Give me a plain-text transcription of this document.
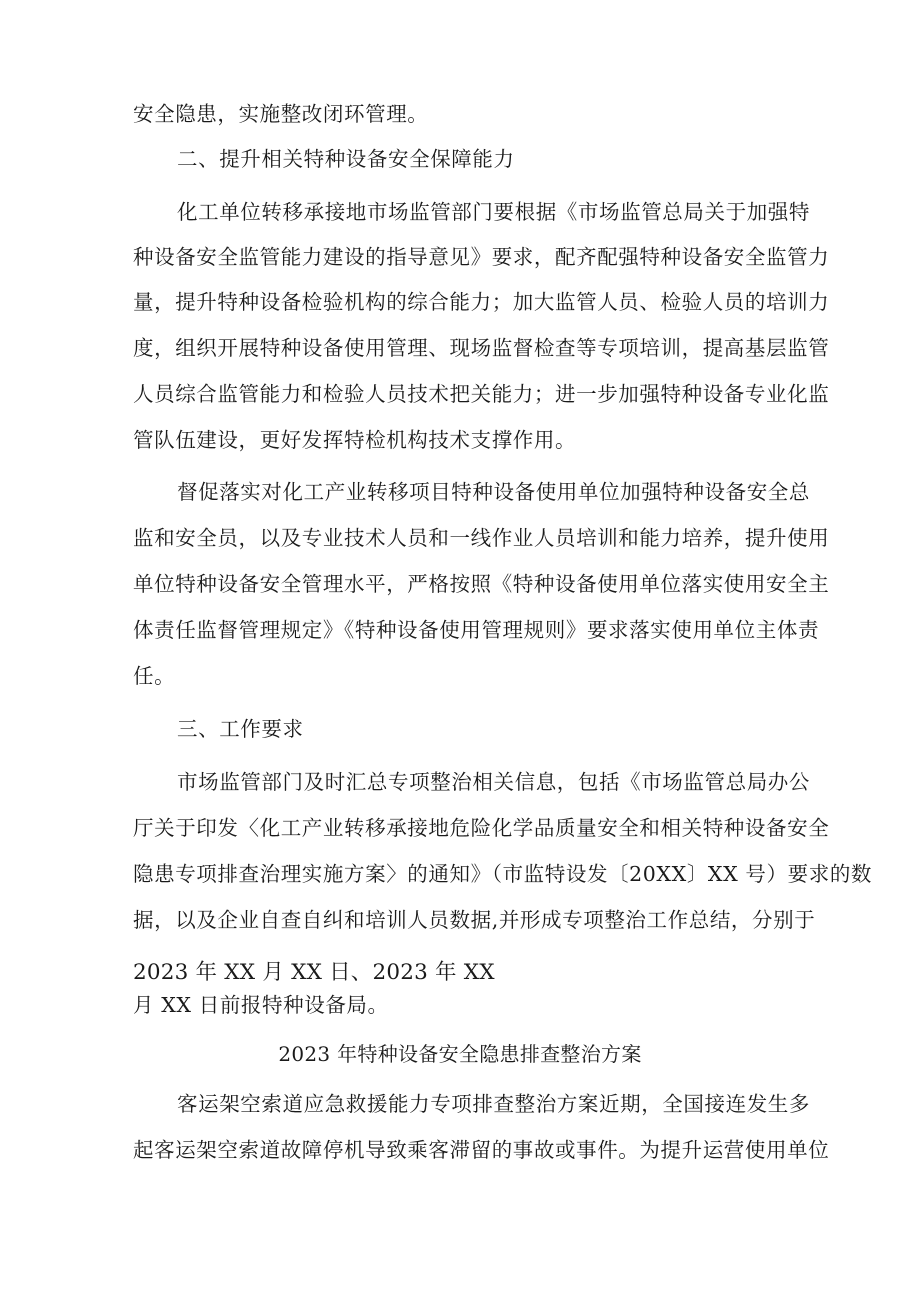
安全隐患，实施整改闭环管理。
二、提升相关特种设备安全保障能力
化工单位转移承接地市场监管部门要根据《市场监管总局关于加强特
种设备安全监管能力建设的指导意见》要求，配齐配强特种设备安全监管力
量，提升特种设备检验机构的综合能力；加大监管人员、检验人员的培训力
度，组织开展特种设备使用管理、现场监督检查等专项培训，提高基层监管
人员综合监管能力和检验人员技术把关能力；进一步加强特种设备专业化监
管队伍建设，更好发挥特检机构技术支撑作用。
督促落实对化工产业转移项目特种设备使用单位加强特种设备安全总
监和安全员，以及专业技术人员和一线作业人员培训和能力培养，提升使用
单位特种设备安全管理水平，严格按照《特种设备使用单位落实使用安全主
体责任监督管理规定》《特种设备使用管理规则》要求落实使用单位主体责
任。
三、工作要求
市场监管部门及时汇总专项整治相关信息，包括《市场监管总局办公
厅关于印发〈化工产业转移承接地危险化学品质量安全和相关特种设备安全
隐患专项排查治理实施方案〉的通知》（市监特设发〔20XX〕XX 号）要求的数
据，以及企业自查自纠和培训人员数据,并形成专项整治工作总结，分别于
2023 年 XX 月 XX 日、2023 年 XX
月 XX 日前报特种设备局。
2023 年特种设备安全隐患排查整治方案
客运架空索道应急救援能力专项排查整治方案近期，全国接连发生多
起客运架空索道故障停机导致乘客滞留的事故或事件。为提升运营使用单位
